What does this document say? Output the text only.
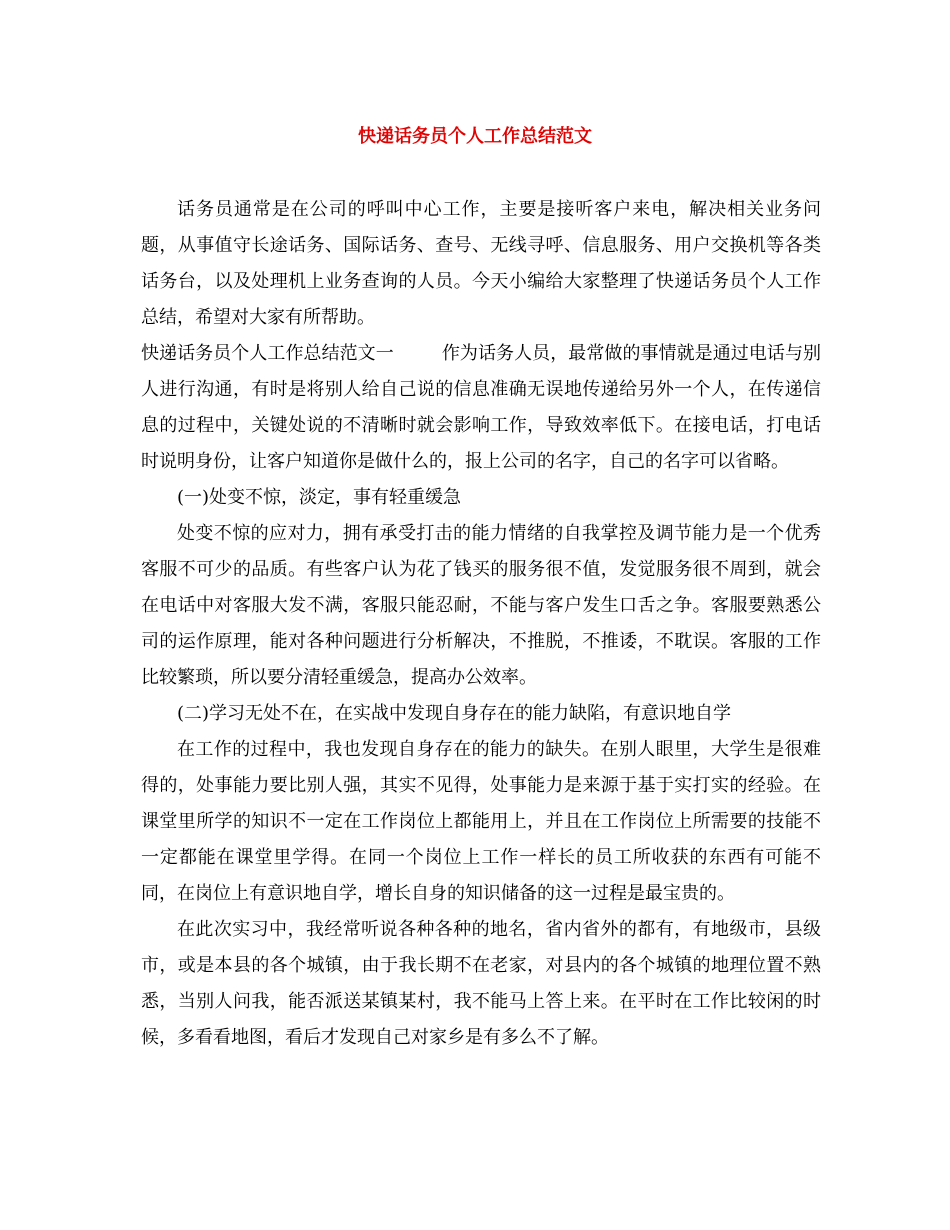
快递话务员个人工作总结范文

话务员通常是在公司的呼叫中心工作，主要是接听客户来电，解决相关业务问题，从事值守长途话务、国际话务、查号、无线寻呼、信息服务、用户交换机等各类话务台，以及处理机上业务查询的人员。今天小编给大家整理了快递话务员个人工作总结，希望对大家有所帮助。

快递话务员个人工作总结范文一	作为话务人员，最常做的事情就是通过电话与别人进行沟通，有时是将别人给自己说的信息准确无误地传递给另外一个人，在传递信息的过程中，关键处说的不清晰时就会影响工作，导致效率低下。在接电话，打电话时说明身份，让客户知道你是做什么的，报上公司的名字，自己的名字可以省略。

(一)处变不惊，淡定，事有轻重缓急

处变不惊的应对力，拥有承受打击的能力情绪的自我掌控及调节能力是一个优秀客服不可少的品质。有些客户认为花了钱买的服务很不值，发觉服务很不周到，就会在电话中对客服大发不满，客服只能忍耐，不能与客户发生口舌之争。客服要熟悉公司的运作原理，能对各种问题进行分析解决，不推脱，不推诿，不耽误。客服的工作比较繁琐，所以要分清轻重缓急，提高办公效率。

(二)学习无处不在，在实战中发现自身存在的能力缺陷，有意识地自学

在工作的过程中，我也发现自身存在的能力的缺失。在别人眼里，大学生是很难得的，处事能力要比别人强，其实不见得，处事能力是来源于基于实打实的经验。在课堂里所学的知识不一定在工作岗位上都能用上，并且在工作岗位上所需要的技能不一定都能在课堂里学得。在同一个岗位上工作一样长的员工所收获的东西有可能不同，在岗位上有意识地自学，增长自身的知识储备的这一过程是最宝贵的。

在此次实习中，我经常听说各种各种的地名，省内省外的都有，有地级市，县级市，或是本县的各个城镇，由于我长期不在老家，对县内的各个城镇的地理位置不熟悉，当别人问我，能否派送某镇某村，我不能马上答上来。在平时在工作比较闲的时候，多看看地图，看后才发现自己对家乡是有多么不了解。
